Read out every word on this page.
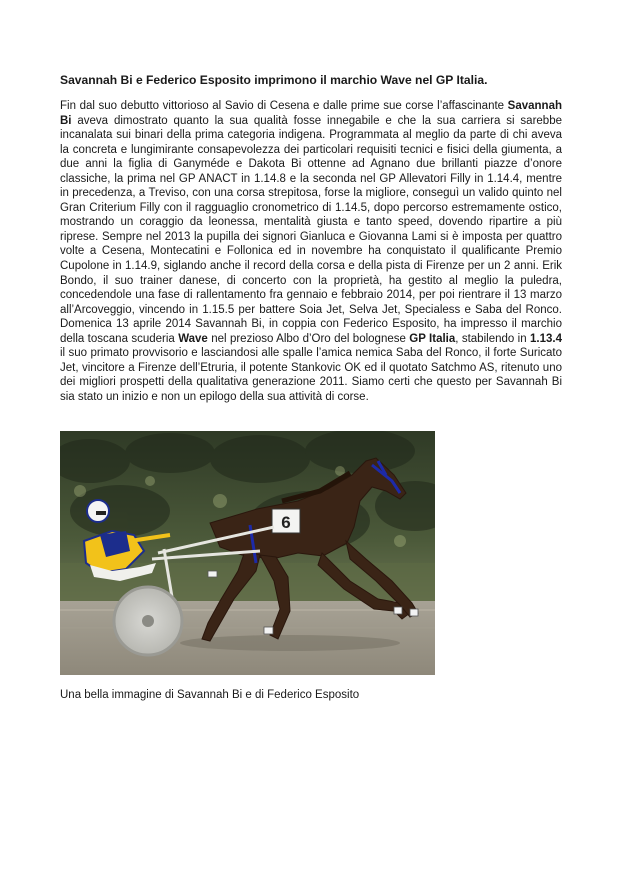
Savannah Bi e Federico Esposito imprimono il marchio Wave nel GP Italia.
Fin dal suo debutto vittorioso al Savio di Cesena e dalle prime sue corse l’affascinante Savannah
Bi aveva dimostrato quanto la sua qualità fosse innegabile e che la sua carriera si sarebbe
incanalata sui binari della prima categoria indigena. Programmata al meglio da parte di chi aveva
la concreta e lungimirante consapevolezza dei particolari requisiti tecnici e fisici della giumenta, a
due anni la figlia di Ganyméde e Dakota Bi ottenne ad Agnano due brillanti piazze d’onore
classiche, la prima nel GP ANACT in 1.14.8 e la seconda nel GP Allevatori Filly in 1.14.4, mentre
in precedenza, a Treviso, con una corsa strepitosa, forse la migliore, conseguì un valido quinto nel
Gran Criterium Filly con il ragguaglio cronometrico di 1.14.5, dopo percorso estremamente ostico,
mostrando un coraggio da leonessa, mentalità giusta e tanto speed, dovendo ripartire a più
riprese. Sempre nel 2013 la pupilla dei signori Gianluca e Giovanna Lami si è imposta per quattro
volte a Cesena, Montecatini e Follonica ed in novembre ha conquistato il qualificante Premio
Cupolone in 1.14.9, siglando anche il record della corsa e della pista di Firenze per un 2 anni. Erik
Bondo, il suo trainer danese, di concerto con la proprietà, ha gestito al meglio la puledra,
concedendole una fase di rallentamento fra gennaio e febbraio 2014, per poi rientrare il 13 marzo
all’Arcoveggio, vincendo in 1.15.5 per battere Soia Jet, Selva Jet, Specialess e Saba del Ronco.
Domenica 13 aprile 2014 Savannah Bi, in coppia con Federico Esposito, ha impresso il marchio
della toscana scuderia Wave nel prezioso Albo d’Oro del bolognese GP Italia, stabilendo in 1.13.4
il suo primato provvisorio e lasciandosi alle spalle l’amica nemica Saba del Ronco, il forte Suricato
Jet, vincitore a Firenze dell’Etruria, il potente Stankovic OK ed il quotato Satchmo AS, ritenuto uno
dei migliori prospetti della qualitativa generazione 2011. Siamo certi che questo per Savannah Bi
sia stato un inizio e non un epilogo della sua attività di corse.
6
Una bella immagine di Savannah Bi e di Federico Esposito
